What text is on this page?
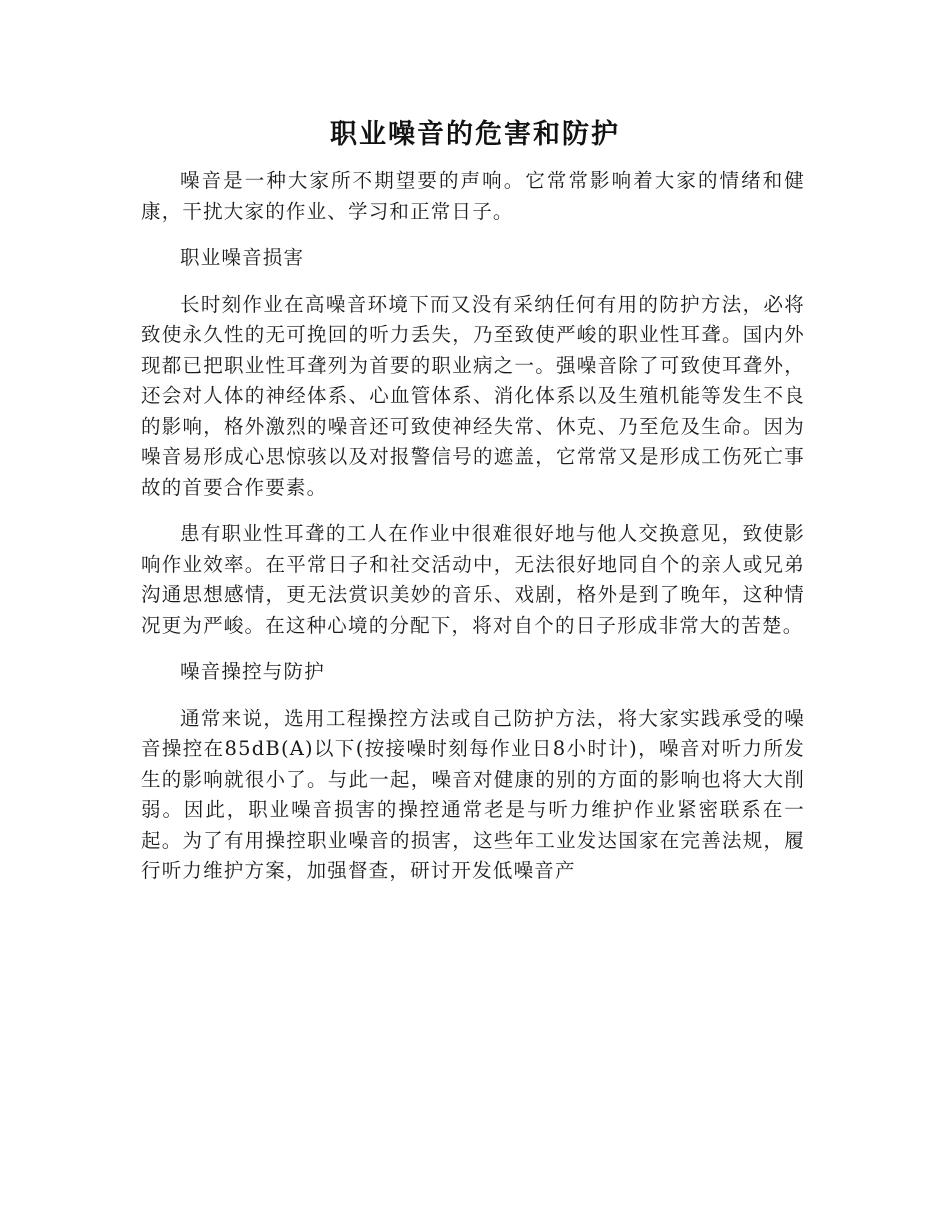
职业噪音的危害和防护

噪音是一种大家所不期望要的声响。它常常影响着大家的情绪和健康，干扰大家的作业、学习和正常日子。

职业噪音损害

长时刻作业在高噪音环境下而又没有采纳任何有用的防护方法，必将致使永久性的无可挽回的听力丢失，乃至致使严峻的职业性耳聋。国内外现都已把职业性耳聋列为首要的职业病之一。强噪音除了可致使耳聋外，还会对人体的神经体系、心血管体系、消化体系以及生殖机能等发生不良的影响，格外激烈的噪音还可致使神经失常、休克、乃至危及生命。因为噪音易形成心思惊骇以及对报警信号的遮盖，它常常又是形成工伤死亡事故的首要合作要素。

患有职业性耳聋的工人在作业中很难很好地与他人交换意见，致使影响作业效率。在平常日子和社交活动中，无法很好地同自个的亲人或兄弟沟通思想感情，更无法赏识美妙的音乐、戏剧，格外是到了晚年，这种情况更为严峻。在这种心境的分配下，将对自个的日子形成非常大的苦楚。

噪音操控与防护

通常来说，选用工程操控方法或自己防护方法，将大家实践承受的噪音操控在85dB(A)以下(按接噪时刻每作业日8小时计)，噪音对听力所发生的影响就很小了。与此一起，噪音对健康的别的方面的影响也将大大削弱。因此，职业噪音损害的操控通常老是与听力维护作业紧密联系在一起。为了有用操控职业噪音的损害，这些年工业发达国家在完善法规，履行听力维护方案，加强督查，研讨开发低噪音产
